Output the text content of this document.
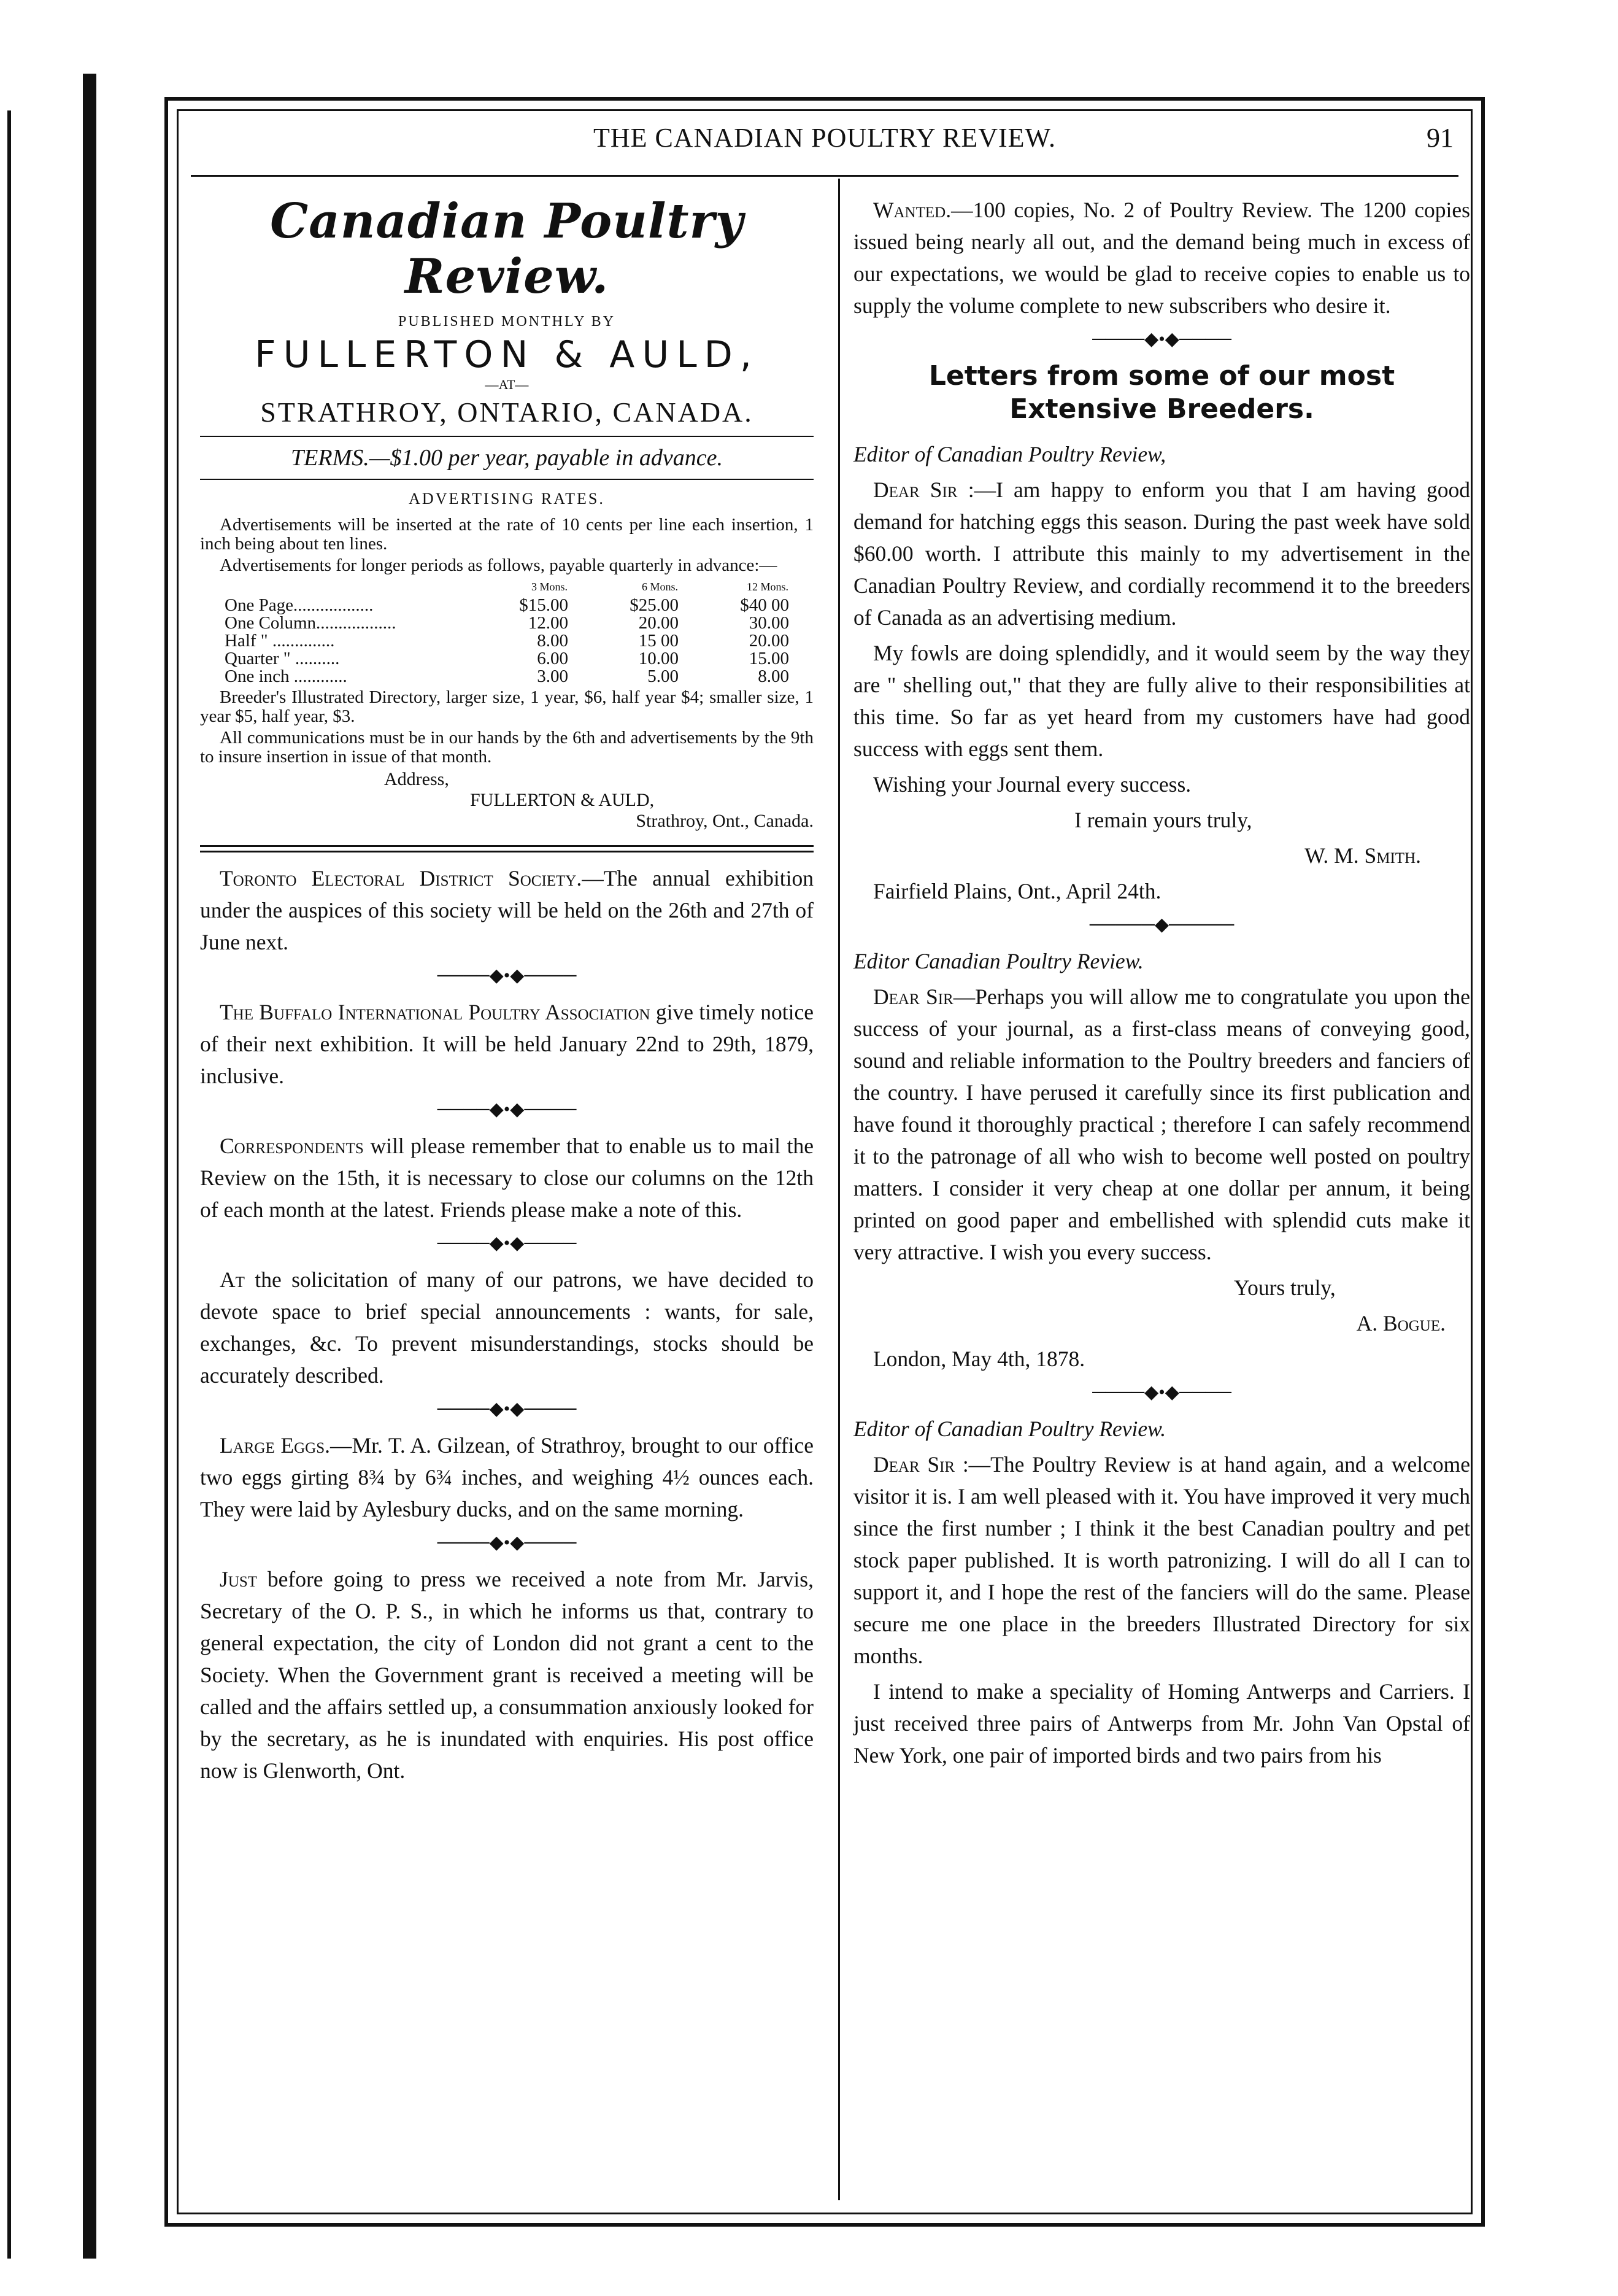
THE CANADIAN POULTRY REVIEW.	91
Canadian Poultry Review.
PUBLISHED MONTHLY BY
FULLERTON & AULD,
—AT—
STRATHROY, ONTARIO, CANADA.
TERMS.—$1.00 per year, payable in advance.
ADVERTISING RATES.
Advertisements will be inserted at the rate of 10 cents per line each insertion, 1 inch being about ten lines.
Advertisements for longer periods as follows, payable quarterly in advance:—
	3 Mons.	6 Mons.	12 Mons.
One Page..................	$15.00	$25.00	$40 00
One Column..................	12.00	20.00	30.00
Half " ..............	8.00	15 00	20.00
Quarter " ..........	6.00	10.00	15.00
One inch ............	3.00	5.00	8.00
Breeder's Illustrated Directory, larger size, 1 year, $6, half year $4; smaller size, 1 year $5, half year, $3.
All communications must be in our hands by the 6th and advertisements by the 9th to insure insertion in issue of that month.
Address,
FULLERTON & AULD,
Strathroy, Ont., Canada.

Toronto Electoral District Society.—The annual exhibition under the auspices of this society will be held on the 26th and 27th of June next.

────◆•◆────

The Buffalo International Poultry Association give timely notice of their next exhibition. It will be held January 22nd to 29th, 1879, inclusive.

────◆•◆────

Correspondents will please remember that to enable us to mail the Review on the 15th, it is necessary to close our columns on the 12th of each month at the latest. Friends please make a note of this.

────◆•◆────

At the solicitation of many of our patrons, we have decided to devote space to brief special announcements : wants, for sale, exchanges, &c. To prevent misunderstandings, stocks should be accurately described.

────◆•◆────

Large Eggs.—Mr. T. A. Gilzean, of Strathroy, brought to our office two eggs girting 8¾ by 6¾ inches, and weighing 4½ ounces each. They were laid by Aylesbury ducks, and on the same morning.

────◆•◆────

Just before going to press we received a note from Mr. Jarvis, Secretary of the O. P. S., in which he informs us that, contrary to general expectation, the city of London did not grant a cent to the Society. When the Government grant is received a meeting will be called and the affairs settled up, a consummation anxiously looked for by the secretary, as he is inundated with enquiries. His post office now is Glenworth, Ont.

Wanted.—100 copies, No. 2 of Poultry Review. The 1200 copies issued being nearly all out, and the demand being much in excess of our expectations, we would be glad to receive copies to enable us to supply the volume complete to new subscribers who desire it.

────◆•◆────
Letters from some of our most Extensive Breeders.

Editor of Canadian Poultry Review,

Dear Sir :—I am happy to enform you that I am having good demand for hatching eggs this season. During the past week have sold $60.00 worth. I attribute this mainly to my advertisement in the Canadian Poultry Review, and cordially recommend it to the breeders of Canada as an advertising medium.

My fowls are doing splendidly, and it would seem by the way they are " shelling out," that they are fully alive to their responsibilities at this time. So far as yet heard from my customers have had good success with eggs sent them.

Wishing your Journal every success.

I remain yours truly,

W. M. Smith.

Fairfield Plains, Ont., April 24th.

─────◆─────

Editor Canadian Poultry Review.

Dear Sir—Perhaps you will allow me to congratulate you upon the success of your journal, as a first-class means of conveying good, sound and reliable information to the Poultry breeders and fanciers of the country. I have perused it carefully since its first publication and have found it thoroughly practical ; therefore I can safely recommend it to the patronage of all who wish to become well posted on poultry matters. I consider it very cheap at one dollar per annum, it being printed on good paper and embellished with splendid cuts make it very attractive. I wish you every success.

Yours truly,

A. Bogue.

London, May 4th, 1878.

────◆•◆────

Editor of Canadian Poultry Review.

Dear Sir :—The Poultry Review is at hand again, and a welcome visitor it is. I am well pleased with it. You have improved it very much since the first number ; I think it the best Canadian poultry and pet stock paper published. It is worth patronizing. I will do all I can to support it, and I hope the rest of the fanciers will do the same. Please secure me one place in the breeders Illustrated Directory for six months.

I intend to make a speciality of Homing Antwerps and Carriers. I just received three pairs of Antwerps from Mr. John Van Opstal of New York, one pair of imported birds and two pairs from his
